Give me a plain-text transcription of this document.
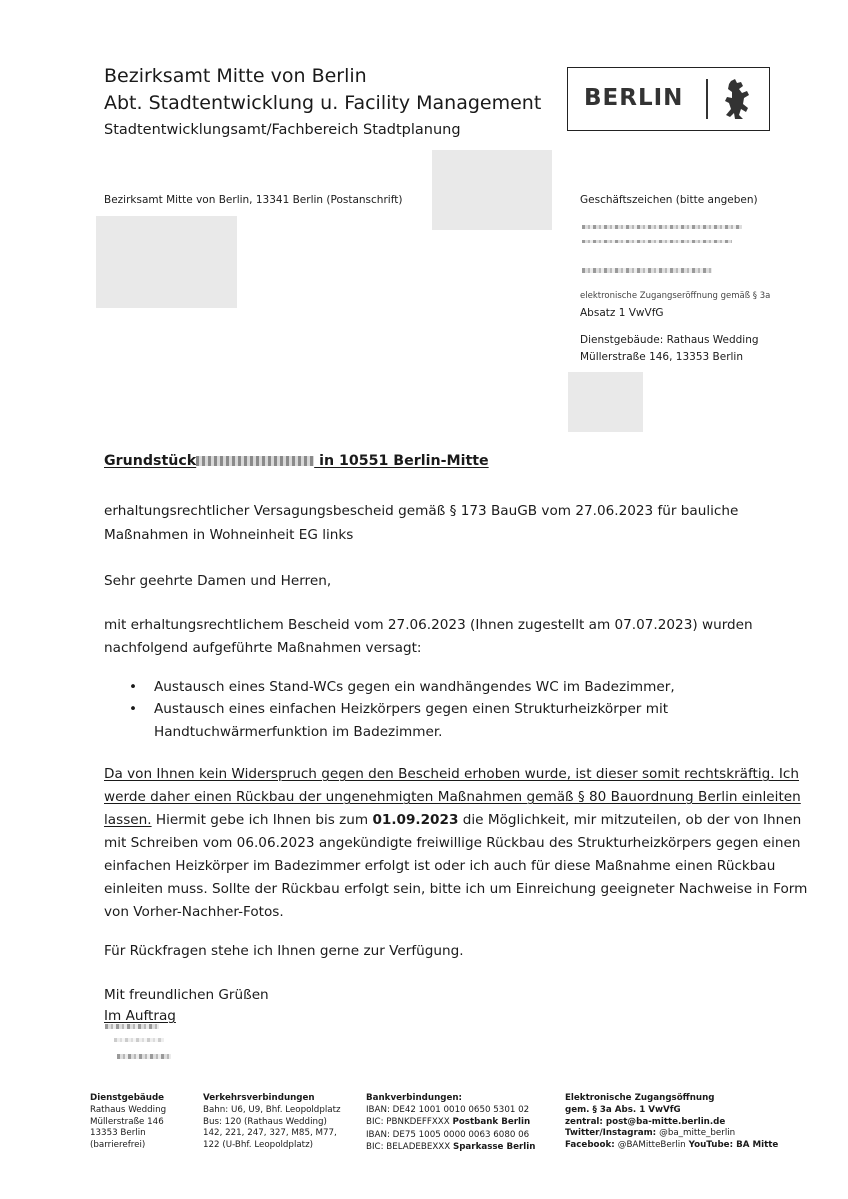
Bezirksamt Mitte von Berlin
Abt. Stadtentwicklung u. Facility Management
Stadtentwicklungsamt/Fachbereich Stadtplanung
BERLIN
Bezirksamt Mitte von Berlin, 13341 Berlin (Postanschrift)	Geschäftszeichen (bitte angeben)
elektronische Zugangseröffnung gemäß § 3a
Absatz 1 VwVfG
Dienstgebäude: Rathaus Wedding
Müllerstraße 146, 13353 Berlin
Grundstück	in 10551 Berlin-Mitte
erhaltungsrechtlicher Versagungsbescheid gemäß § 173 BauGB vom 27.06.2023 für bauliche
Maßnahmen in Wohneinheit EG links
Sehr geehrte Damen und Herren,
mit erhaltungsrechtlichem Bescheid vom 27.06.2023 (Ihnen zugestellt am 07.07.2023) wurden
nachfolgend aufgeführte Maßnahmen versagt:
• Austausch eines Stand-WCs gegen ein wandhängendes WC im Badezimmer,
• Austausch eines einfachen Heizkörpers gegen einen Strukturheizkörper mit
Handtuchwärmerfunktion im Badezimmer.
Da von Ihnen kein Widerspruch gegen den Bescheid erhoben wurde, ist dieser somit rechtskräftig. Ich
werde daher einen Rückbau der ungenehmigten Maßnahmen gemäß § 80 Bauordnung Berlin einleiten
lassen. Hiermit gebe ich Ihnen bis zum 01.09.2023 die Möglichkeit, mir mitzuteilen, ob der von Ihnen
mit Schreiben vom 06.06.2023 angekündigte freiwillige Rückbau des Strukturheizkörpers gegen einen
einfachen Heizkörper im Badezimmer erfolgt ist oder ich auch für diese Maßnahme einen Rückbau
einleiten muss. Sollte der Rückbau erfolgt sein, bitte ich um Einreichung geeigneter Nachweise in Form
von Vorher-Nachher-Fotos.
Für Rückfragen stehe ich Ihnen gerne zur Verfügung.
Mit freundlichen Grüßen
Im Auftrag
Dienstgebäude
Rathaus Wedding
Müllerstraße 146
13353 Berlin
(barrierefrei)
Verkehrsverbindungen
Bahn: U6, U9, Bhf. Leopoldplatz
Bus: 120 (Rathaus Wedding)
142, 221, 247, 327, M85, M77,
122 (U-Bhf. Leopoldplatz)
Bankverbindungen:
IBAN: DE42 1001 0010 0650 5301 02
BIC: PBNKDEFFXXX Postbank Berlin
IBAN: DE75 1005 0000 0063 6080 06
BIC: BELADEBEXXX Sparkasse Berlin
Elektronische Zugangsöffnung
gem. § 3a Abs. 1 VwVfG
zentral: post@ba-mitte.berlin.de
Twitter/Instagram: @ba_mitte_berlin
Facebook: @BAMitteBerlin YouTube: BA Mitte
